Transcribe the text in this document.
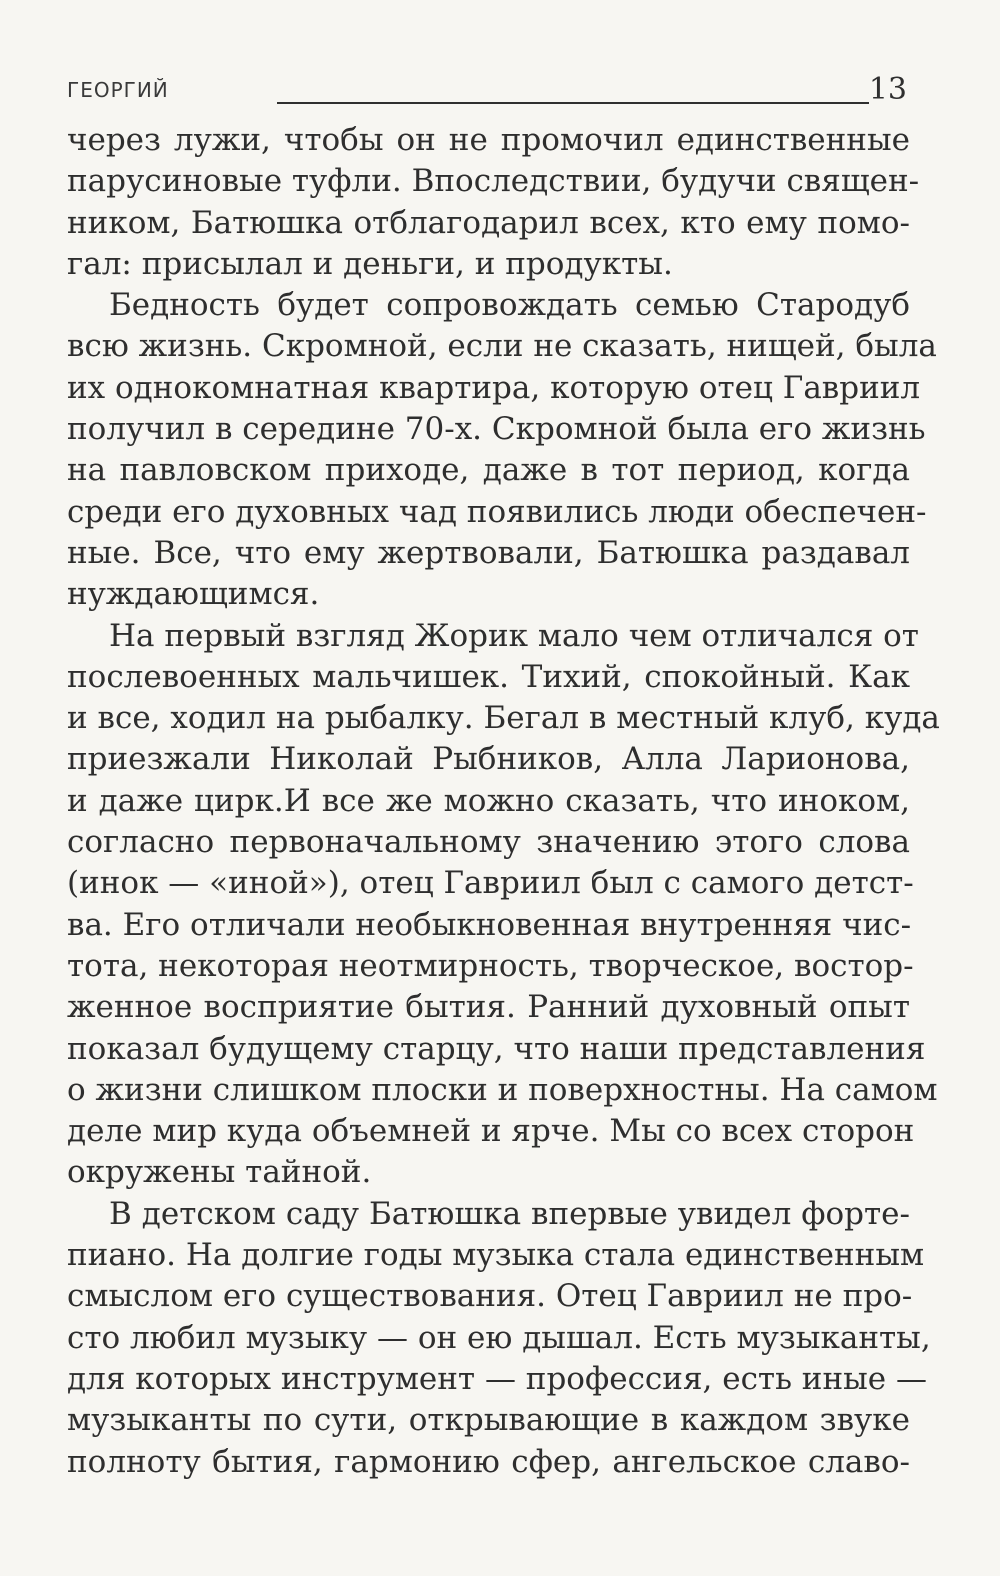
ГЕОРГИЙ	13
через лужи, чтобы он не промочил единственные
парусиновые туфли. Впоследствии, будучи священ-
ником, Батюшка отблагодарил всех, кто ему помо-
гал: присылал и деньги, и продукты.
Бедность будет сопровождать семью Стародуб
всю жизнь. Скромной, если не сказать, нищей, была
их однокомнатная квартира, которую отец Гавриил
получил в середине 70-х. Скромной была его жизнь
на павловском приходе, даже в тот период, когда
среди его духовных чад появились люди обеспечен-
ные. Все, что ему жертвовали, Батюшка раздавал
нуждающимся.
На первый взгляд Жорик мало чем отличался от
послевоенных мальчишек. Тихий, спокойный. Как
и все, ходил на рыбалку. Бегал в местный клуб, куда
приезжали Николай Рыбников, Алла Ларионова,
и даже цирк.И все же можно сказать, что иноком,
согласно первоначальному значению этого слова
(инок — «иной»), отец Гавриил был с самого детст-
ва. Его отличали необыкновенная внутренняя чис-
тота, некоторая неотмирность, творческое, востор-
женное восприятие бытия. Ранний духовный опыт
показал будущему старцу, что наши представления
о жизни слишком плоски и поверхностны. На самом
деле мир куда объемней и ярче. Мы со всех сторон
окружены тайной.
В детском саду Батюшка впервые увидел форте-
пиано. На долгие годы музыка стала единственным
смыслом его существования. Отец Гавриил не про-
сто любил музыку — он ею дышал. Есть музыканты,
для которых инструмент — профессия, есть иные —
музыканты по сути, открывающие в каждом звуке
полноту бытия, гармонию сфер, ангельское славо-
